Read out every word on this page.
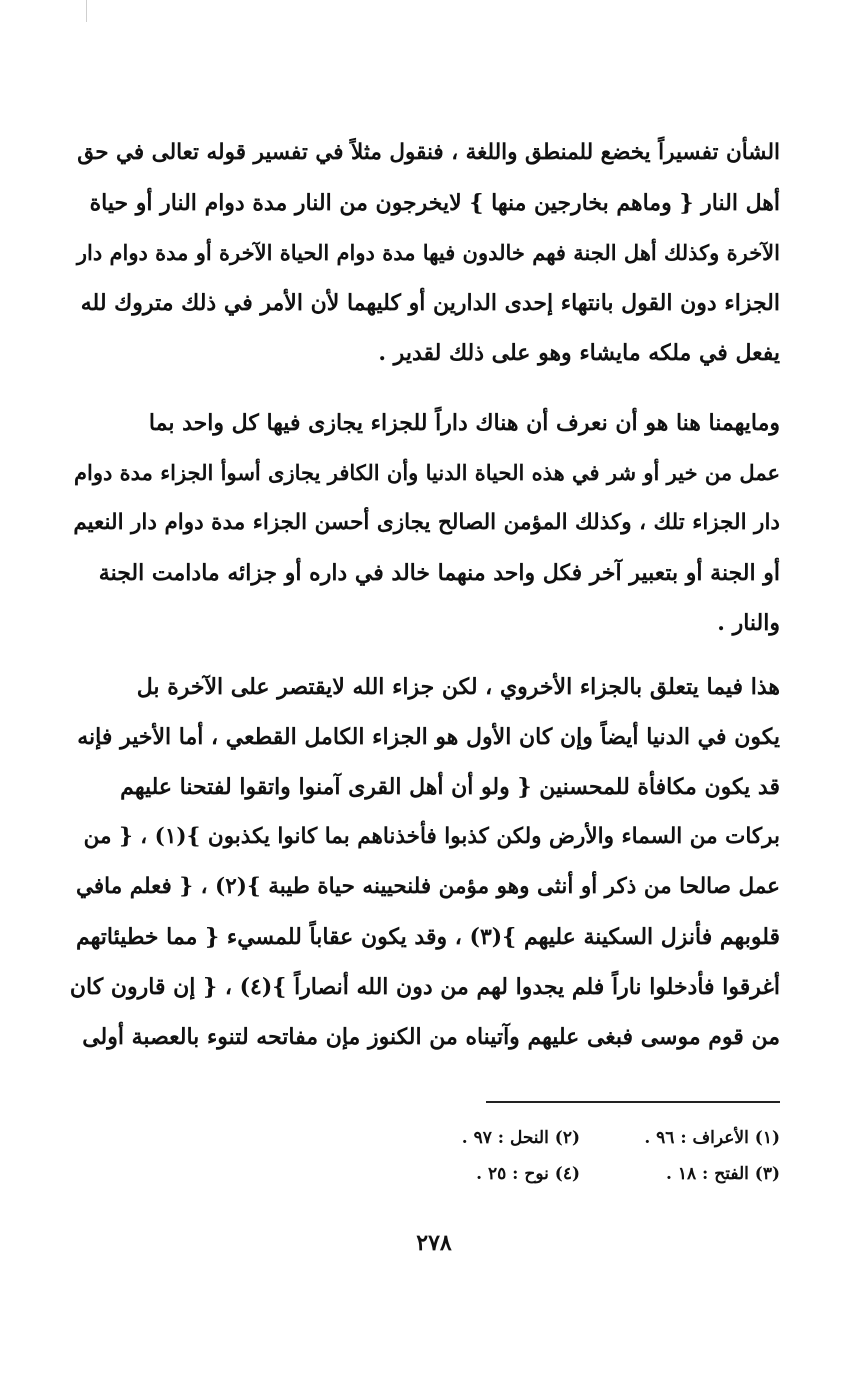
الشأن تفسيراً يخضع للمنطق واللغة ، فنقول مثلاً في تفسير قوله تعالى في حق
أهل النار { وماهم بخارجين منها } لايخرجون من النار مدة دوام النار أو حياة
الآخرة وكذلك أهل الجنة فهم خالدون فيها مدة دوام الحياة الآخرة أو مدة دوام دار
الجزاء دون القول بانتهاء إحدى الدارين أو كليهما لأن الأمر في ذلك متروك لله
يفعل في ملكه مايشاء وهو على ذلك لقدير .
ومايهمنا هنا هو أن نعرف أن هناك داراً للجزاء يجازى فيها كل واحد بما
عمل من خير أو شر في هذه الحياة الدنيا وأن الكافر يجازى أسوأ الجزاء مدة دوام
دار الجزاء تلك ، وكذلك المؤمن الصالح يجازى أحسن الجزاء مدة دوام دار النعيم
أو الجنة أو بتعبير آخر فكل واحد منهما خالد في داره أو جزائه مادامت الجنة
والنار .
هذا فيما يتعلق بالجزاء الأخروي ، لكن جزاء الله لايقتصر على الآخرة بل
يكون في الدنيا أيضاً وإن كان الأول هو الجزاء الكامل القطعي ، أما الأخير فإنه
قد يكون مكافأة للمحسنين { ولو أن أهل القرى آمنوا واتقوا لفتحنا عليهم
بركات من السماء والأرض ولكن كذبوا فأخذناهم بما كانوا يكذبون }(١) ، { من
عمل صالحا من ذكر أو أنثى وهو مؤمن فلنحيينه حياة طيبة }(٢) ، { فعلم مافي
قلوبهم فأنزل السكينة عليهم }(٣) ، وقد يكون عقاباً للمسيء { مما خطيئاتهم
أغرقوا فأدخلوا ناراً فلم يجدوا لهم من دون الله أنصاراً }(٤) ، { إن قارون كان
من قوم موسى فبغى عليهم وآتيناه من الكنوز مإن مفاتحه لتنوء بالعصبة أولى
(١) الأعراف : ٩٦ .
(٢) النحل : ٩٧ .
(٣) الفتح : ١٨ .
(٤) نوح : ٢٥ .
٢٧٨
